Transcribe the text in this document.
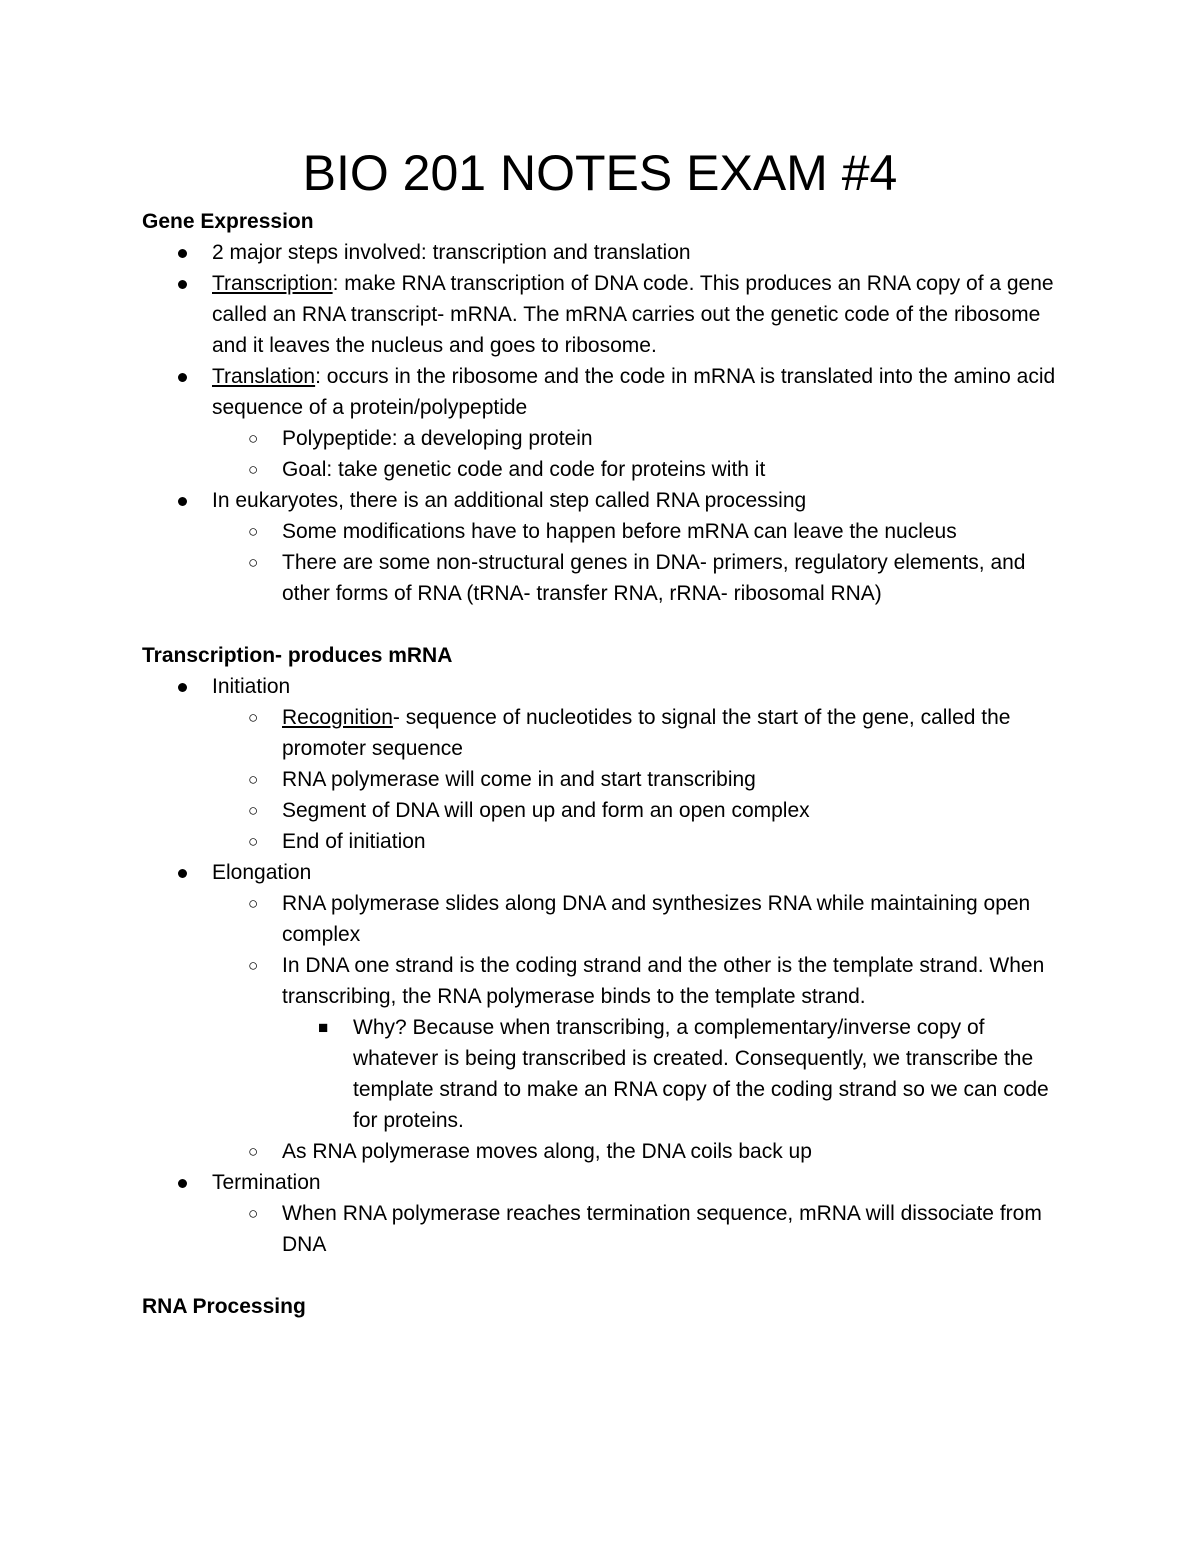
BIO 201 NOTES EXAM #4
Gene Expression
2 major steps involved: transcription and translation
Transcription: make RNA transcription of DNA code. This produces an RNA copy of a gene called an RNA transcript- mRNA. The mRNA carries out the genetic code of the ribosome and it leaves the nucleus and goes to ribosome.
Translation: occurs in the ribosome and the code in mRNA is translated into the amino acid sequence of a protein/polypeptide
○ Polypeptide: a developing protein
○ Goal: take genetic code and code for proteins with it
In eukaryotes, there is an additional step called RNA processing
○ Some modifications have to happen before mRNA can leave the nucleus
○ There are some non-structural genes in DNA- primers, regulatory elements, and other forms of RNA (tRNA- transfer RNA, rRNA- ribosomal RNA)
Transcription- produces mRNA
Initiation
○ Recognition- sequence of nucleotides to signal the start of the gene, called the promoter sequence
○ RNA polymerase will come in and start transcribing
○ Segment of DNA will open up and form an open complex
○ End of initiation
Elongation
○ RNA polymerase slides along DNA and synthesizes RNA while maintaining open complex
○ In DNA one strand is the coding strand and the other is the template strand. When transcribing, the RNA polymerase binds to the template strand.
■ Why? Because when transcribing, a complementary/inverse copy of whatever is being transcribed is created. Consequently, we transcribe the template strand to make an RNA copy of the coding strand so we can code for proteins.
○ As RNA polymerase moves along, the DNA coils back up
Termination
○ When RNA polymerase reaches termination sequence, mRNA will dissociate from DNA
RNA Processing
